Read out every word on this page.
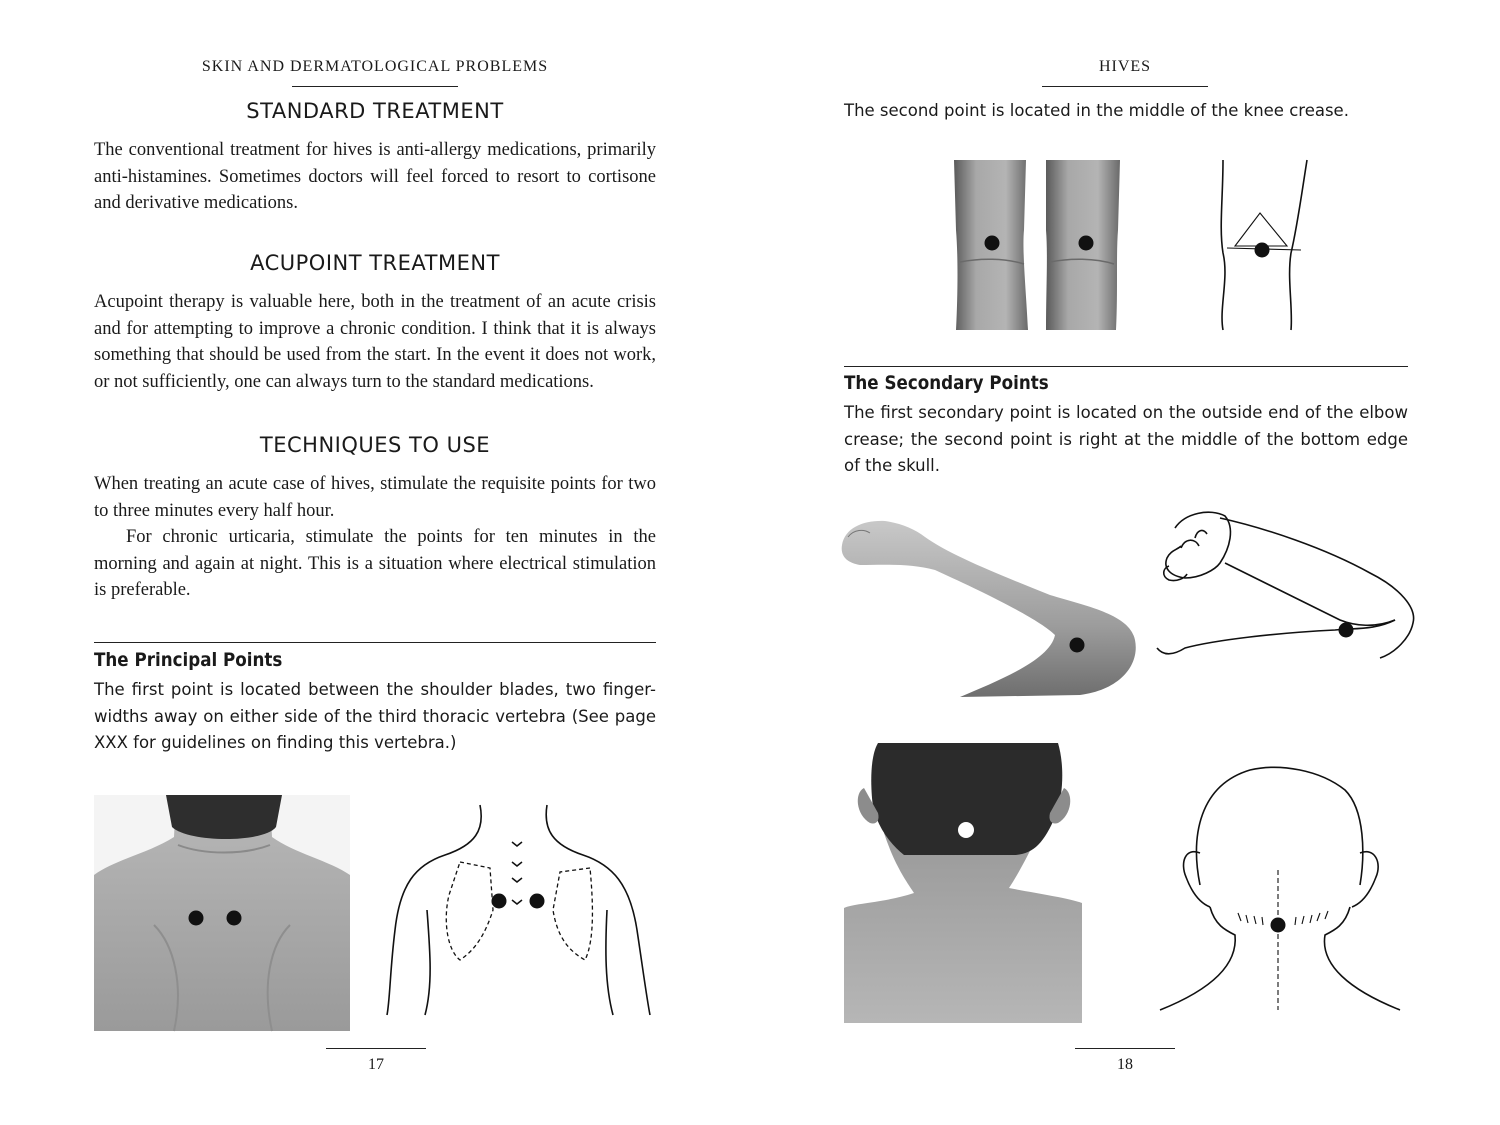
SKIN AND DERMATOLOGICAL PROBLEMS
STANDARD TREATMENT

The conventional treatment for hives is anti-allergy medications, primarily anti-histamines. Sometimes doctors will feel forced to resort to cortisone and derivative medications.

ACUPOINT TREATMENT

Acupoint therapy is valuable here, both in the treatment of an acute crisis and for attempting to improve a chronic condition. I think that it is always something that should be used from the start. In the event it does not work, or not sufficiently, one can always turn to the standard medications.

TECHNIQUES TO USE

When treating an acute case of hives, stimulate the requisite points for two to three minutes every half hour.

For chronic urticaria, stimulate the points for ten minutes in the morning and again at night. This is a situation where electrical stimulation is preferable.

The Principal Points

The first point is located between the shoulder blades, two finger-widths away on either side of the third thoracic vertebra (See page XXX for guidelines on finding this vertebra.)

17
HIVES

The second point is located in the middle of the knee crease.

The Secondary Points

The first secondary point is located on the outside end of the elbow crease; the second point is right at the middle of the bottom edge of the skull.

18
